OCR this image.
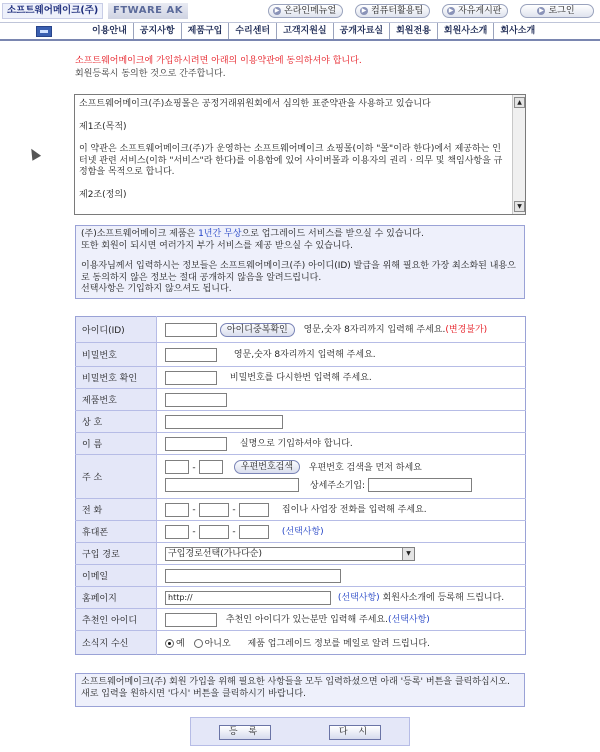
소프트웨어메이크(주)	FTWARE AK	▶ 온라인메뉴얼	▶ 컴퓨터활용팁	▶ 자유게시판	▶ 로그인
이용안내	공지사항	제품구입	수리센터	고객지원실	공개자료실	회원전용	회원사소개	회사소개
소프트웨어메이크에 가입하시려면 아래의 이용약관에 동의하셔야 합니다.
회원등록시 동의한 것으로 간주합니다.

소프트웨어메이크(주)쇼핑몰은 공정거래위원회에서 심의한 표준약관을 사용하고 있습니다

제1조(목적)

이 약관은 소프트웨어메이크(주)가 운영하는 소프트웨어메이크 쇼핑몰(이하 "몰"이라 한다)에서 제공하는 인터넷 관련 서비스(이하 "서비스"라 한다)를 이용함에 있어 사이버몰과 이용자의 권리 · 의무 및 책임사항을 규정함을 목적으로 합니다.

제2조(정의)

▲
▼
(주)소프트웨어메이크 제품은 1년간 무상으로 업그레이드 서비스를 받으실 수 있습니다.
또한 회원이 되시면 여러가지 부가 서비스를 제공 받으실 수 있습니다.
이용자님께서 입력하시는 정보들은 소프트웨어메이크(주) 아이디(ID) 발급을 위해 필요한 가장 최소화된 내용으로 동의하지 않은 정보는 절대 공개하지 않음을 알려드립니다.
선택사항은 기입하지 않으셔도 됩니다.
아이디(ID)	아이디중복확인 영문,숫자 8자리까지 입력해 주세요.(변경불가)
비밀번호	영문,숫자 8자리까지 입력해 주세요.
비밀번호 확인	비밀번호를 다시한번 입력해 주세요.
제품번호	
상 호	
이 름	실명으로 기입하셔야 합니다.
주 소	- 우편번호검색 우편번호 검색을 먼저 하세요
상세주소기입:

전 화	- - 집이나 사업장 전화를 입력해 주세요.
휴대폰	- - (선택사항)
구입 경로	구입경로선택(가나다순) ▼

이메일	
홈페이지	http:// (선택사항) 회원사소개에 등록해 드립니다.
추천인 아이디	추천인 아이디가 있는분만 입력해 주세요.(선택사항)
소식지 수신	예 아니오 제품 업그레이드 정보를 메일로 알려 드립니다.
소프트웨어메이크(주) 회원 가입을 위해 필요한 사항들을 모두 입력하셨으면 아래 '등록' 버튼을 클릭하십시오. 새로 입력을 원하시면 '다시' 버튼을 클릭하시기 바랍니다.
등 록	다 시
